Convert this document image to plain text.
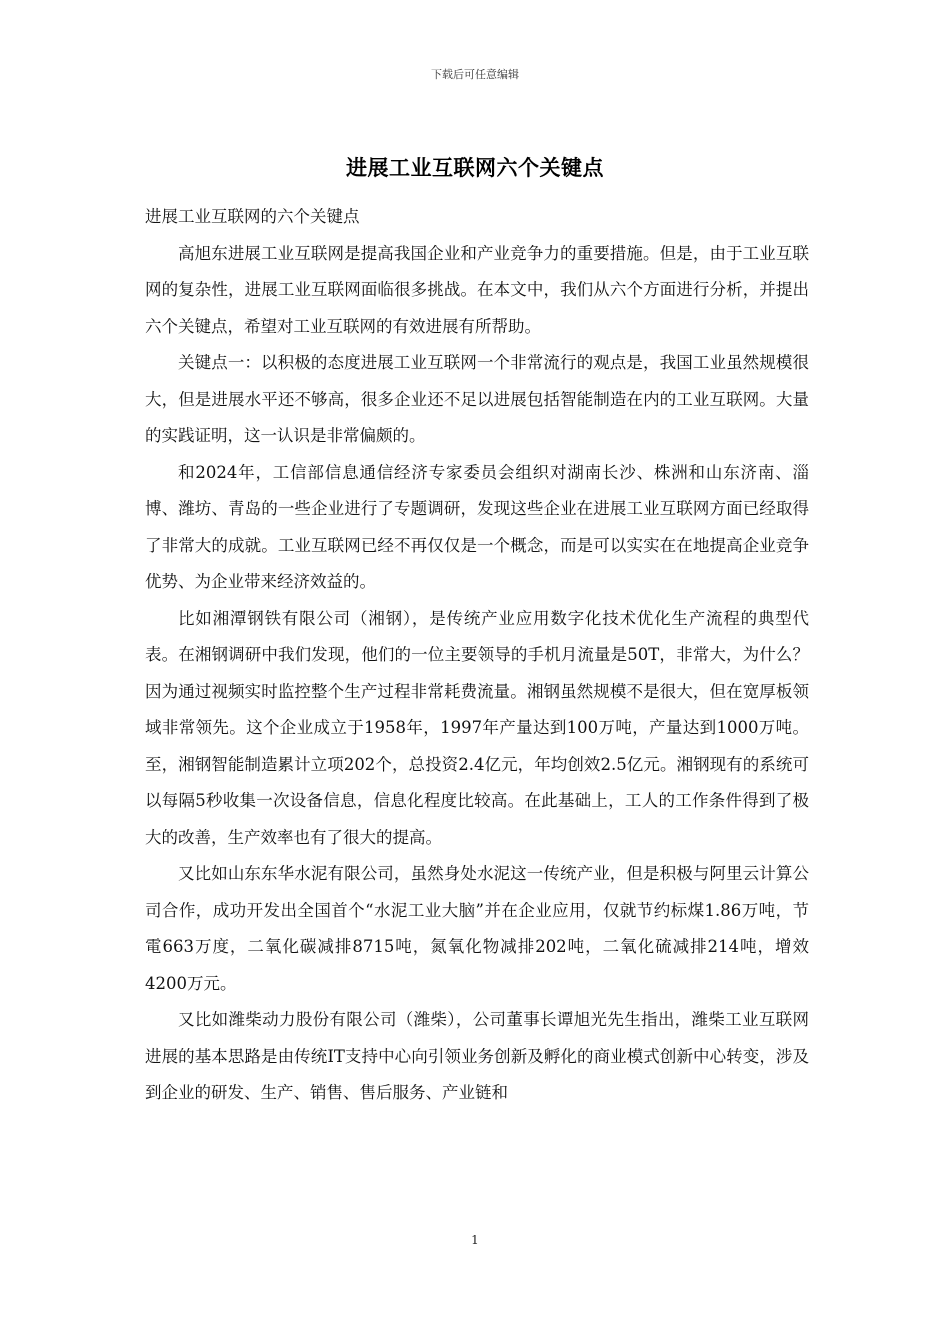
下载后可任意编辑
进展工业互联网六个关键点

进展工业互联网的六个关键点

高旭东进展工业互联网是提高我国企业和产业竞争力的重要措施。但是，由于工业互联网的复杂性，进展工业互联网面临很多挑战。在本文中，我们从六个方面进行分析，并提出六个关键点，希望对工业互联网的有效进展有所帮助。

关键点一：以积极的态度进展工业互联网一个非常流行的观点是，我国工业虽然规模很大，但是进展水平还不够高，很多企业还不足以进展包括智能制造在内的工业互联网。大量的实践证明，这一认识是非常偏颇的。

和2024年，工信部信息通信经济专家委员会组织对湖南长沙、株洲和山东济南、淄博、潍坊、青岛的一些企业进行了专题调研，发现这些企业在进展工业互联网方面已经取得了非常大的成就。工业互联网已经不再仅仅是一个概念，而是可以实实在在地提高企业竞争优势、为企业带来经济效益的。

比如湘潭钢铁有限公司（湘钢），是传统产业应用数字化技术优化生产流程的典型代表。在湘钢调研中我们发现，他们的一位主要领导的手机月流量是50T，非常大，为什么？因为通过视频实时监控整个生产过程非常耗费流量。湘钢虽然规模不是很大，但在宽厚板领域非常领先。这个企业成立于1958年，1997年产量达到100万吨，产量达到1000万吨。至，湘钢智能制造累计立项202个，总投资2.4亿元，年均创效2.5亿元。湘钢现有的系统可以每隔5秒收集一次设备信息，信息化程度比较高。在此基础上，工人的工作条件得到了极大的改善，生产效率也有了很大的提高。

又比如山东东华水泥有限公司，虽然身处水泥这一传统产业，但是积极与阿里云计算公司合作，成功开发出全国首个“水泥工业大脑”并在企业应用，仅就节约标煤1.86万吨，节電663万度，二氧化碳减排8715吨，氮氧化物减排202吨，二氧化硫减排214吨，增效4200万元。

又比如潍柴动力股份有限公司（潍柴），公司董事长谭旭光先生指出，潍柴工业互联网进展的基本思路是由传统IT支持中心向引领业务创新及孵化的商业模式创新中心转变，涉及到企业的研发、生产、销售、售后服务、产业链和

1
